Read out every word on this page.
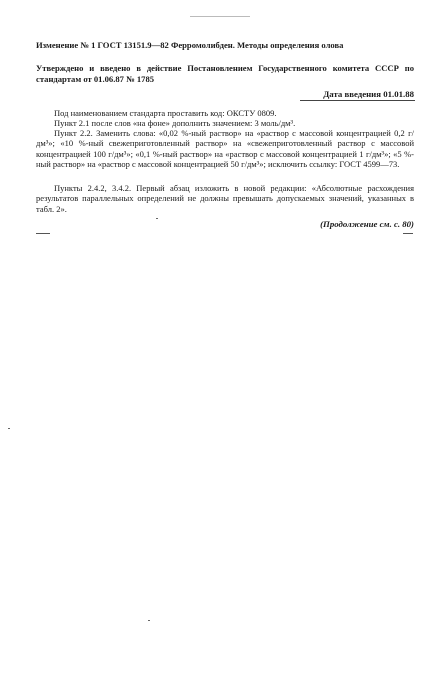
Изменение № 1 ГОСТ 13151.9—82 Ферромолибден. Методы определения олова
Утверждено и введено в действие Постановлением Государственного комитета СССР по стандартам от 01.06.87 № 1785
Дата введения 01.01.88
Под наименованием стандарта проставить код: ОКСТУ 0809.
Пункт 2.1 после слов «на фоне» дополнить значением: 3 моль/дм³.
Пункт 2.2. Заменить слова: «0,02 %-ный раствор» на «раствор с массовой концентрацией 0,2 г/дм³»; «10 %-ный свежеприготовленный раствор» на «свежеприготовленный раствор с массовой концентрацией 100 г/дм³»; «0,1 %-ный раствор» на «раствор с массовой концентрацией 1 г/дм³»; «5 %-ный раствор» на «раствор с массовой концентрацией 50 г/дм³»; исключить ссылку: ГОСТ 4599—73.
Пункты 2.4.2, 3.4.2. Первый абзац изложить в новой редакции: «Абсолютные расхождения результатов параллельных определений не должны превышать допускаемых значений, указанных в табл. 2».
(Продолжение см. с. 80)
